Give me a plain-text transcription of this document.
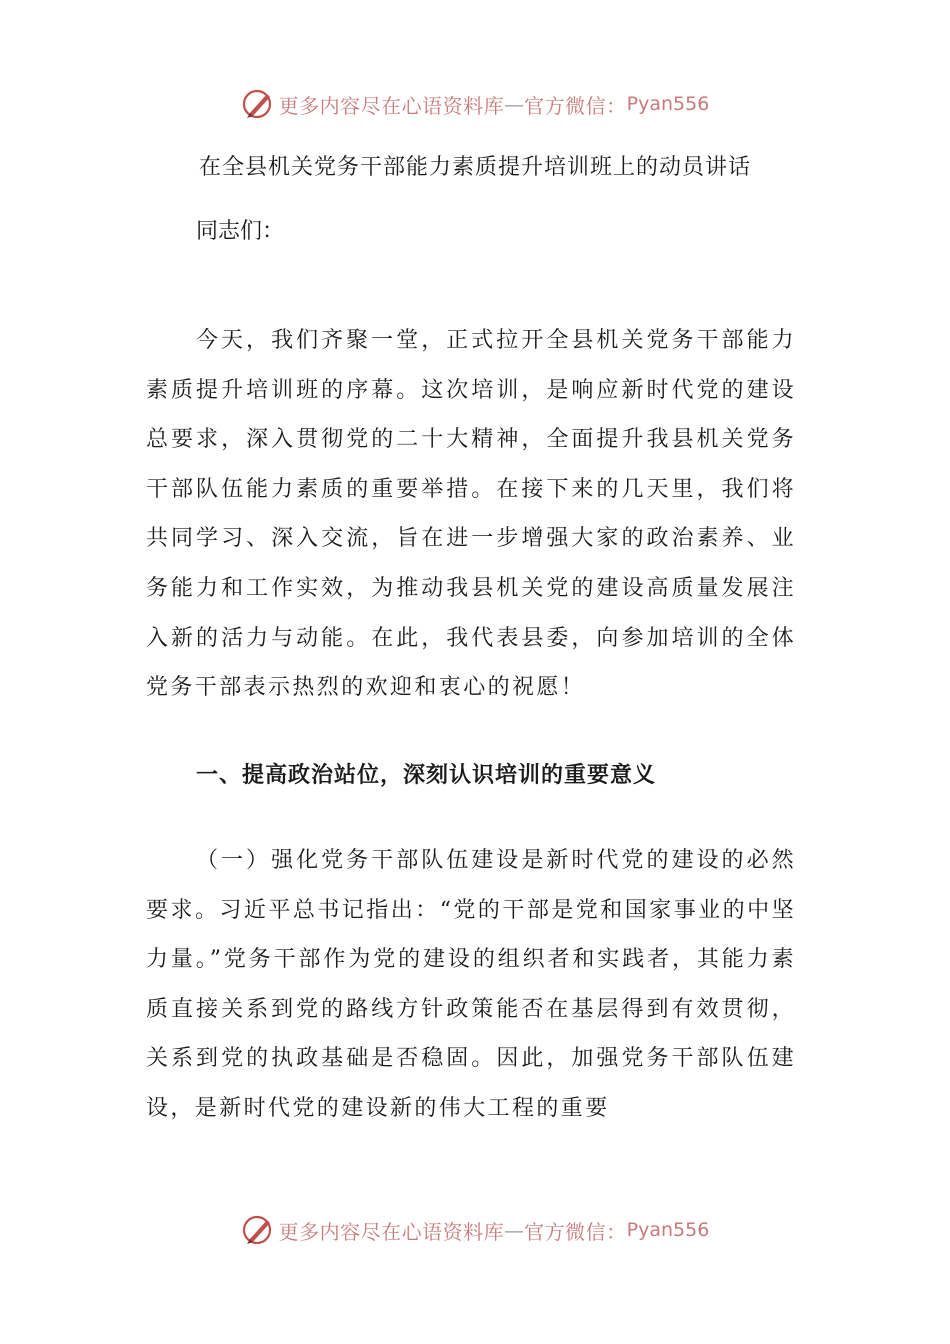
更多内容尽在心语资料库 — 官方微信： Pyan556
在全县机关党务干部能力素质提升培训班上的动员讲话
同志们：

今天，我们齐聚一堂，正式拉开全县机关党务干部能力素质提升培训班的序幕。这次培训，是响应新时代党的建设总要求，深入贯彻党的二十大精神，全面提升我县机关党务干部队伍能力素质的重要举措。在接下来的几天里，我们将共同学习、深入交流，旨在进一步增强大家的政治素养、业务能力和工作实效，为推动我县机关党的建设高质量发展注入新的活力与动能。在此，我代表县委，向参加培训的全体党务干部表示热烈的欢迎和衷心的祝愿！

一、提高政治站位，深刻认识培训的重要意义

（一）强化党务干部队伍建设是新时代党的建设的必然要求。习近平总书记指出：“党的干部是党和国家事业的中坚力量。”党务干部作为党的建设的组织者和实践者，其能力素质直接关系到党的路线方针政策能否在基层得到有效贯彻，关系到党的执政基础是否稳固。因此，加强党务干部队伍建设，是新时代党的建设新的伟大工程的重要

更多内容尽在心语资料库 — 官方微信： Pyan556
